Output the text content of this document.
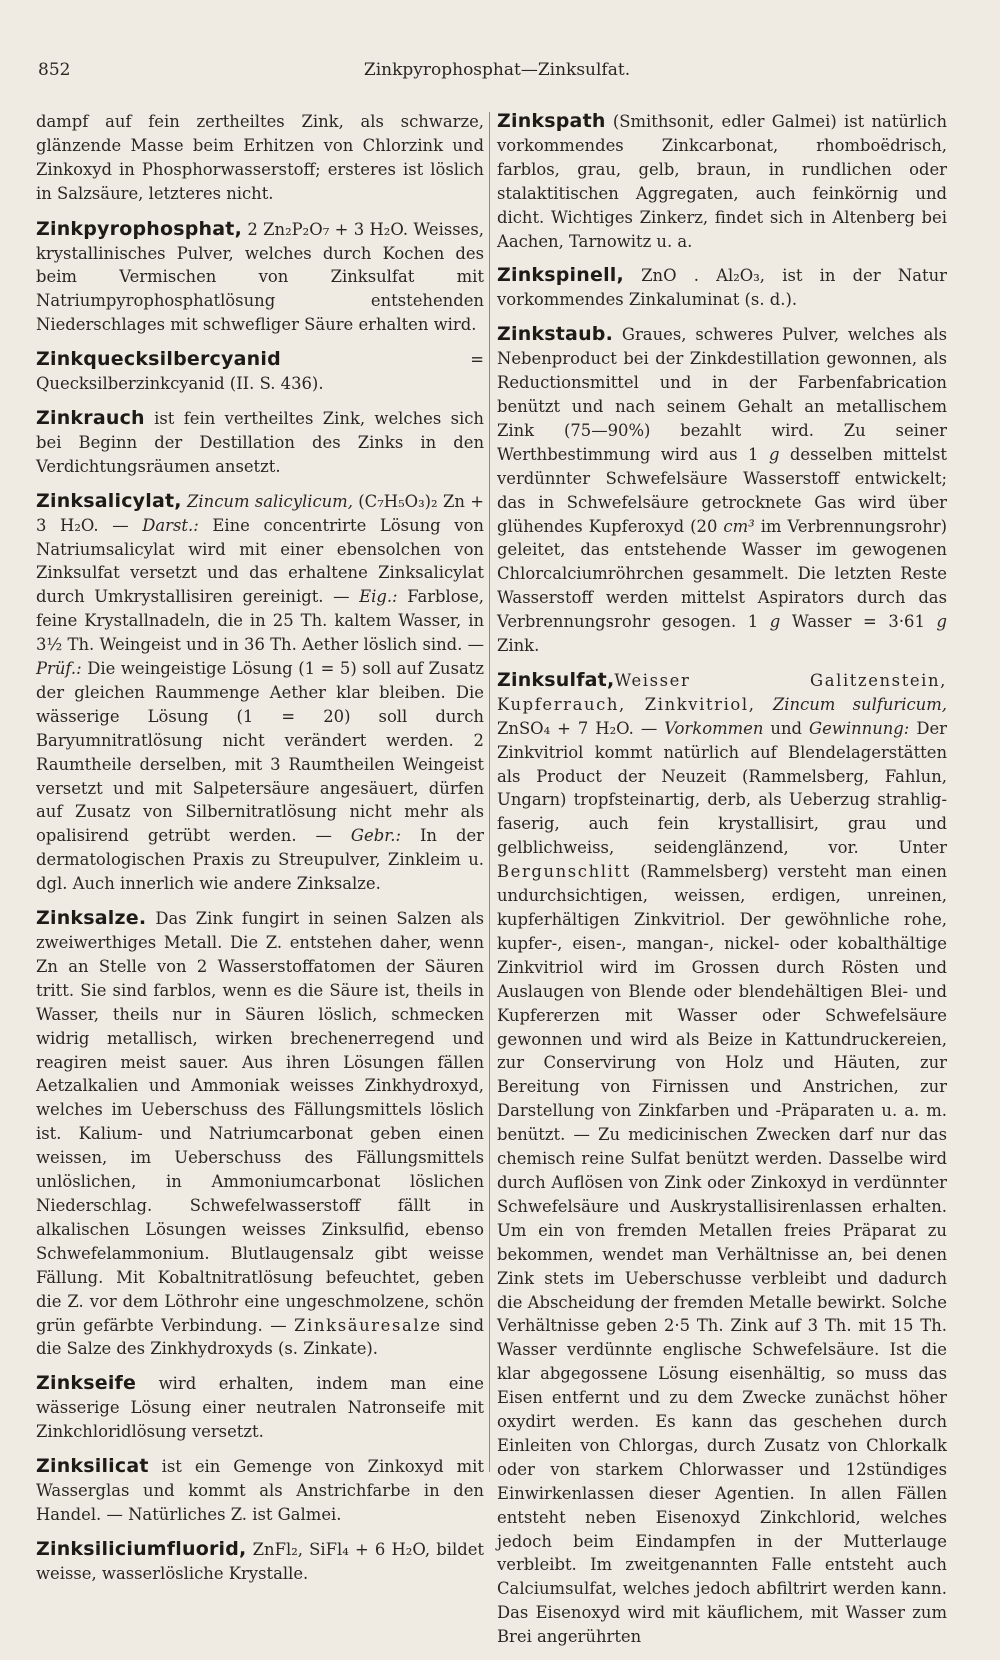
852	Zinkpyrophosphat—Zinksulfat.

dampf auf fein zertheiltes Zink, als schwarze, glänzende Masse beim Erhitzen von Chlorzink und Zinkoxyd in Phosphorwasserstoff; ersteres ist löslich in Salzsäure, letzteres nicht.

Zinkpyrophosphat, 2 Zn₂P₂O₇ + 3 H₂O. Weisses, krystallinisches Pulver, welches durch Kochen des beim Vermischen von Zinksulfat mit Natriumpyrophosphatlösung entstehenden Niederschlages mit schwefliger Säure erhalten wird.

Zinkquecksilbercyanid = Quecksilberzinkcyanid (II. S. 436).

Zinkrauch ist fein vertheiltes Zink, welches sich bei Beginn der Destillation des Zinks in den Verdichtungsräumen ansetzt.

Zinksalicylat, Zincum salicylicum, (C₇H₅O₃)₂ Zn + 3 H₂O. — Darst.: Eine concentrirte Lösung von Natriumsalicylat wird mit einer ebensolchen von Zinksulfat versetzt und das erhaltene Zinksalicylat durch Umkrystallisiren gereinigt. — Eig.: Farblose, feine Krystallnadeln, die in 25 Th. kaltem Wasser, in 3½ Th. Weingeist und in 36 Th. Aether löslich sind. — Prüf.: Die weingeistige Lösung (1 = 5) soll auf Zusatz der gleichen Raummenge Aether klar bleiben. Die wässerige Lösung (1 = 20) soll durch Baryumnitratlösung nicht verändert werden. 2 Raumtheile derselben, mit 3 Raumtheilen Weingeist versetzt und mit Salpetersäure angesäuert, dürfen auf Zusatz von Silbernitratlösung nicht mehr als opalisirend getrübt werden. — Gebr.: In der dermatologischen Praxis zu Streupulver, Zinkleim u. dgl. Auch innerlich wie andere Zinksalze.

Zinksalze. Das Zink fungirt in seinen Salzen als zweiwerthiges Metall. Die Z. entstehen daher, wenn Zn an Stelle von 2 Wasserstoffatomen der Säuren tritt. Sie sind farblos, wenn es die Säure ist, theils in Wasser, theils nur in Säuren löslich, schmecken widrig metallisch, wirken brechenerregend und reagiren meist sauer. Aus ihren Lösungen fällen Aetzalkalien und Ammoniak weisses Zinkhydroxyd, welches im Ueberschuss des Fällungsmittels löslich ist. Kalium- und Natriumcarbonat geben einen weissen, im Ueberschuss des Fällungsmittels unlöslichen, in Ammoniumcarbonat löslichen Niederschlag. Schwefelwasserstoff fällt in alkalischen Lösungen weisses Zinksulfid, ebenso Schwefelammonium. Blutlaugensalz gibt weisse Fällung. Mit Kobaltnitratlösung befeuchtet, geben die Z. vor dem Löthrohr eine ungeschmolzene, schön grün gefärbte Verbindung. — Zinksäuresalze sind die Salze des Zinkhydroxyds (s. Zinkate).

Zinkseife wird erhalten, indem man eine wässerige Lösung einer neutralen Natronseife mit Zinkchloridlösung versetzt.

Zinksilicat ist ein Gemenge von Zinkoxyd mit Wasserglas und kommt als Anstrichfarbe in den Handel. — Natürliches Z. ist Galmei.

Zinksiliciumfluorid, ZnFl₂, SiFl₄ + 6 H₂O, bildet weisse, wasserlösliche Krystalle.

Zinkspath (Smithsonit, edler Galmei) ist natürlich vorkommendes Zinkcarbonat, rhomboëdrisch, farblos, grau, gelb, braun, in rundlichen oder stalaktitischen Aggregaten, auch feinkörnig und dicht. Wichtiges Zinkerz, findet sich in Altenberg bei Aachen, Tarnowitz u. a.

Zinkspinell, ZnO . Al₂O₃, ist in der Natur vorkommendes Zinkaluminat (s. d.).

Zinkstaub. Graues, schweres Pulver, welches als Nebenproduct bei der Zinkdestillation gewonnen, als Reductionsmittel und in der Farbenfabrication benützt und nach seinem Gehalt an metallischem Zink (75—90%) bezahlt wird. Zu seiner Werthbestimmung wird aus 1 g desselben mittelst verdünnter Schwefelsäure Wasserstoff entwickelt; das in Schwefelsäure getrocknete Gas wird über glühendes Kupferoxyd (20 cm³ im Verbrennungsrohr) geleitet, das entstehende Wasser im gewogenen Chlorcalciumröhrchen gesammelt. Die letzten Reste Wasserstoff werden mittelst Aspirators durch das Verbrennungsrohr gesogen. 1 g Wasser = 3·61 g Zink.

Zinksulfat,Weisser Galitzenstein, Kupferrauch, Zinkvitriol, Zincum sulfuricum, ZnSO₄ + 7 H₂O. — Vorkommen und Gewinnung: Der Zinkvitriol kommt natürlich auf Blendelagerstätten als Product der Neuzeit (Rammelsberg, Fahlun, Ungarn) tropfsteinartig, derb, als Ueberzug strahlig-faserig, auch fein krystallisirt, grau und gelblichweiss, seidenglänzend, vor. Unter Bergunschlitt (Rammelsberg) versteht man einen undurchsichtigen, weissen, erdigen, unreinen, kupferhältigen Zinkvitriol. Der gewöhnliche rohe, kupfer-, eisen-, mangan-, nickel- oder kobalthältige Zinkvitriol wird im Grossen durch Rösten und Auslaugen von Blende oder blendehältigen Blei- und Kupfererzen mit Wasser oder Schwefelsäure gewonnen und wird als Beize in Kattundruckereien, zur Conservirung von Holz und Häuten, zur Bereitung von Firnissen und Anstrichen, zur Darstellung von Zinkfarben und -Präparaten u. a. m. benützt. — Zu medicinischen Zwecken darf nur das chemisch reine Sulfat benützt werden. Dasselbe wird durch Auflösen von Zink oder Zinkoxyd in verdünnter Schwefelsäure und Auskrystallisirenlassen erhalten. Um ein von fremden Metallen freies Präparat zu bekommen, wendet man Verhältnisse an, bei denen Zink stets im Ueberschusse verbleibt und dadurch die Abscheidung der fremden Metalle bewirkt. Solche Verhältnisse geben 2·5 Th. Zink auf 3 Th. mit 15 Th. Wasser verdünnte englische Schwefelsäure. Ist die klar abgegossene Lösung eisenhältig, so muss das Eisen entfernt und zu dem Zwecke zunächst höher oxydirt werden. Es kann das geschehen durch Einleiten von Chlorgas, durch Zusatz von Chlorkalk oder von starkem Chlorwasser und 12stündiges Einwirkenlassen dieser Agentien. In allen Fällen entsteht neben Eisenoxyd Zinkchlorid, welches jedoch beim Eindampfen in der Mutterlauge verbleibt. Im zweitgenannten Falle entsteht auch Calciumsulfat, welches jedoch abfiltrirt werden kann. Das Eisenoxyd wird mit käuflichem, mit Wasser zum Brei angerührten
